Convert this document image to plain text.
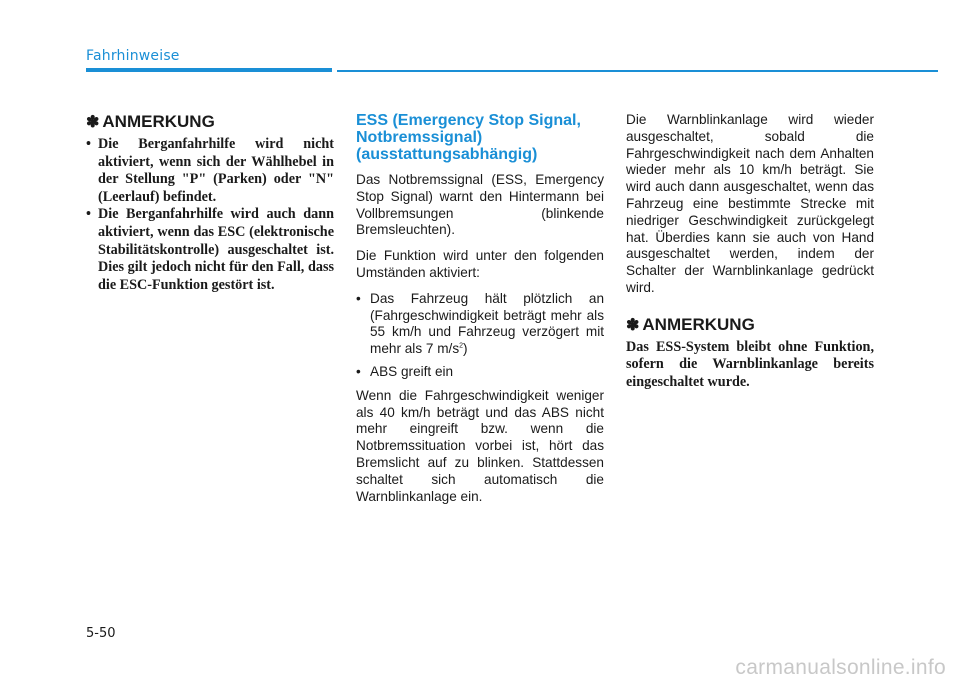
Fahrhinweise
✽ ANMERKUNG
• Die Berganfahrhilfe wird nicht aktiviert, wenn sich der Wählhebel in der Stellung "P" (Parken) oder "N" (Leerlauf) befindet.
• Die Berganfahrhilfe wird auch dann aktiviert, wenn das ESC (elektronische Stabilitätskontrolle) ausgeschaltet ist. Dies gilt jedoch nicht für den Fall, dass die ESC-Funktion gestört ist.
ESS (Emergency Stop Signal, Notbremssignal) (ausstattungsabhängig)

Das Notbremssignal (ESS, Emergency Stop Signal) warnt den Hintermann bei Vollbremsungen (blinkende Bremsleuchten).

Die Funktion wird unter den folgenden Umständen aktiviert:

• Das Fahrzeug hält plötzlich an (Fahrgeschwindigkeit beträgt mehr als 55 km/h und Fahrzeug verzögert mit mehr als 7 $m/s^2$)
• ABS greift ein

Wenn die Fahrgeschwindigkeit weniger als 40 km/h beträgt und das ABS nicht mehr eingreift bzw. wenn die Notbremssituation vorbei ist, hört das Bremslicht auf zu blinken. Stattdessen schaltet sich automatisch die Warnblinkanlage ein.

Die Warnblinkanlage wird wieder ausgeschaltet, sobald die Fahrgeschwindigkeit nach dem Anhalten wieder mehr als 10 km/h beträgt. Sie wird auch dann ausgeschaltet, wenn das Fahrzeug eine bestimmte Strecke mit niedriger Geschwindigkeit zurückgelegt hat. Überdies kann sie auch von Hand ausgeschaltet werden, indem der Schalter der Warnblinkanlage gedrückt wird.

✽ ANMERKUNG
Das ESS-System bleibt ohne Funktion, sofern die Warnblinkanlage bereits eingeschaltet wurde.
5-50
carmanualsonline.info
